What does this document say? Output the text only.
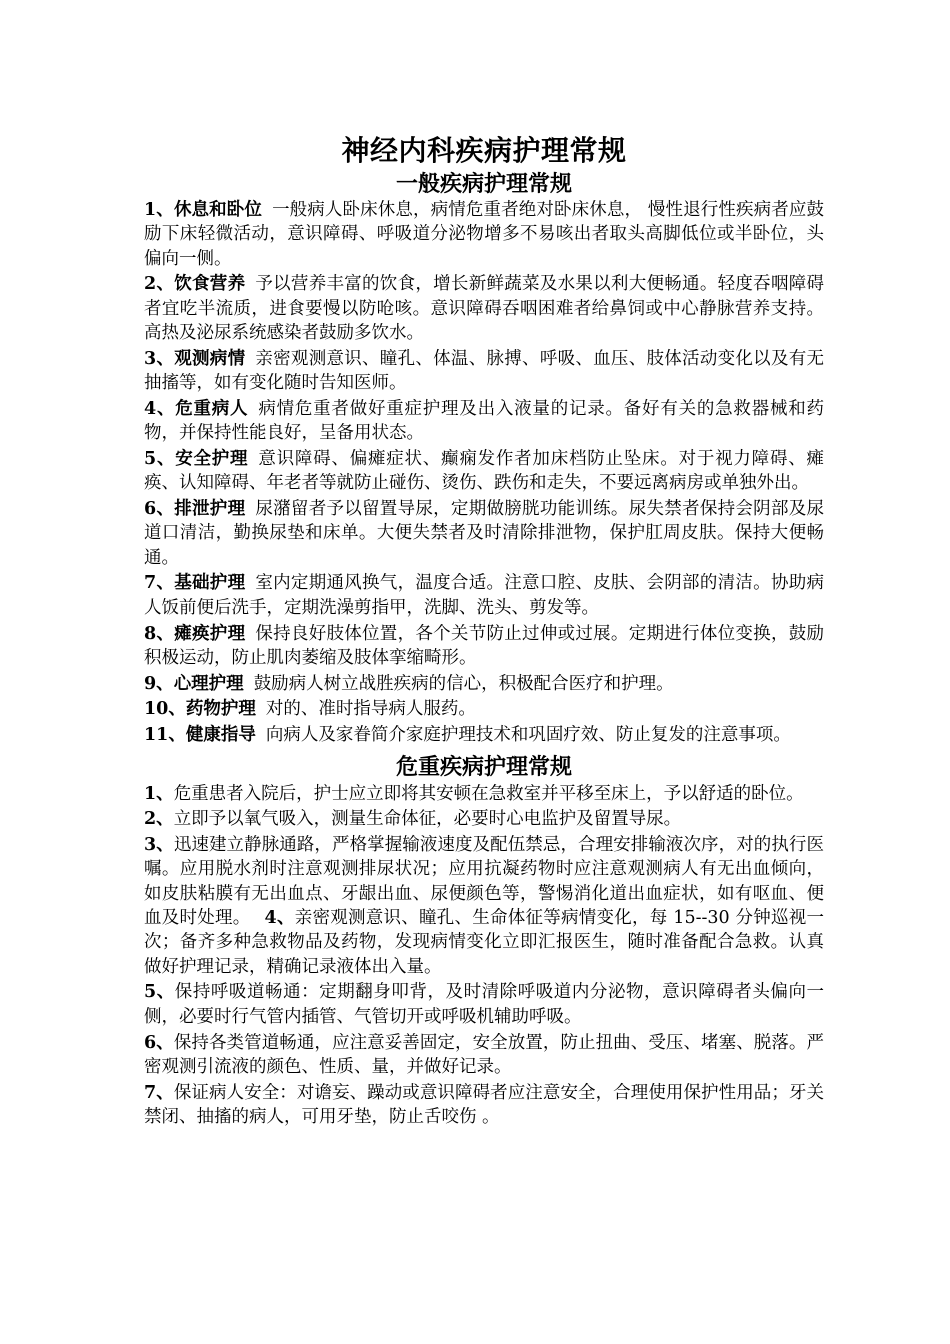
神经内科疾病护理常规
一般疾病护理常规

1、休息和卧位 一般病人卧床休息，病情危重者绝对卧床休息， 慢性退行性疾病者应鼓励下床轻微活动，意识障碍、呼吸道分泌物增多不易咳出者取头高脚低位或半卧位，头偏向一侧。

2、饮食营养 予以营养丰富的饮食，增长新鲜蔬菜及水果以利大便畅通。轻度吞咽障碍者宜吃半流质，进食要慢以防呛咳。意识障碍吞咽困难者给鼻饲或中心静脉营养支持。高热及泌尿系统感染者鼓励多饮水。

3、观测病情 亲密观测意识、瞳孔、体温、脉搏、呼吸、血压、肢体活动变化以及有无抽搐等，如有变化随时告知医师。

4、危重病人 病情危重者做好重症护理及出入液量的记录。备好有关的急救器械和药物，并保持性能良好，呈备用状态。

5、安全护理 意识障碍、偏瘫症状、癫痫发作者加床档防止坠床。对于视力障碍、瘫痪、认知障碍、年老者等就防止碰伤、烫伤、跌伤和走失，不要远离病房或单独外出。

6、排泄护理 尿潴留者予以留置导尿，定期做膀胱功能训练。尿失禁者保持会阴部及尿道口清洁，勤换尿垫和床单。大便失禁者及时清除排泄物，保护肛周皮肤。保持大便畅通。

7、基础护理 室内定期通风换气，温度合适。注意口腔、皮肤、会阴部的清洁。协助病人饭前便后洗手，定期洗澡剪指甲，洗脚、洗头、剪发等。

8、瘫痪护理 保持良好肢体位置，各个关节防止过伸或过展。定期进行体位变换，鼓励积极运动，防止肌肉萎缩及肢体挛缩畸形。

9、心理护理 鼓励病人树立战胜疾病的信心，积极配合医疗和护理。

10、药物护理 对的、准时指导病人服药。

11、健康指导 向病人及家眷简介家庭护理技术和巩固疗效、防止复发的注意事项。

危重疾病护理常规

1、危重患者入院后，护士应立即将其安顿在急救室并平移至床上，予以舒适的卧位。

2、立即予以氧气吸入，测量生命体征，必要时心电监护及留置导尿。

3、迅速建立静脉通路，严格掌握输液速度及配伍禁忌，合理安排输液次序，对的执行医嘱。应用脱水剂时注意观测排尿状况；应用抗凝药物时应注意观测病人有无出血倾向，如皮肤粘膜有无出血点、牙龈出血、尿便颜色等，警惕消化道出血症状，如有呕血、便血及时处理。 4、亲密观测意识、瞳孔、生命体征等病情变化，每 15--30 分钟巡视一次；备齐多种急救物品及药物，发现病情变化立即汇报医生，随时准备配合急救。认真做好护理记录，精确记录液体出入量。

5、保持呼吸道畅通：定期翻身叩背，及时清除呼吸道内分泌物，意识障碍者头偏向一侧，必要时行气管内插管、气管切开或呼吸机辅助呼吸。

6、保持各类管道畅通，应注意妥善固定，安全放置，防止扭曲、受压、堵塞、脱落。严密观测引流液的颜色、性质、量，并做好记录。

7、保证病人安全：对谵妄、躁动或意识障碍者应注意安全，合理使用保护性用品；牙关禁闭、抽搐的病人，可用牙垫，防止舌咬伤 。
